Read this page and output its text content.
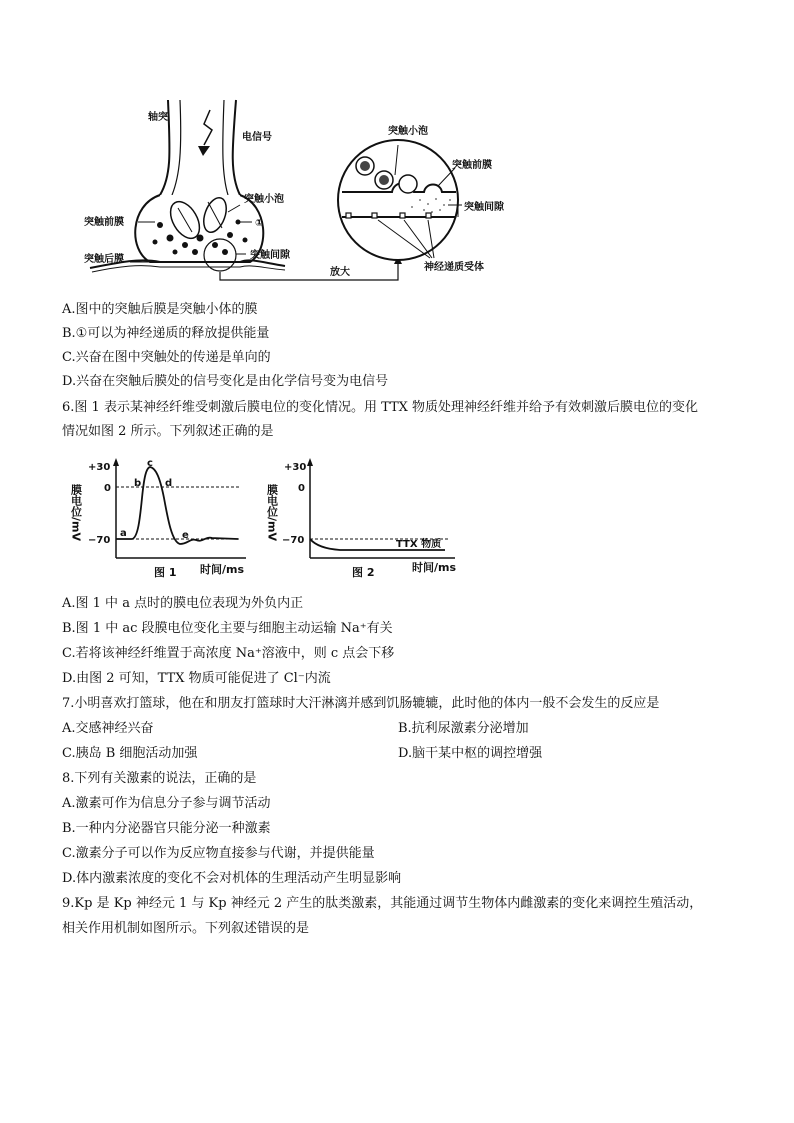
轴突
电信号
突触小泡
①
突触前膜
突触后膜	突触间隙
放大
突触小泡
突触前膜
突触间隙
神经递质受体
A.图中的突触后膜是突触小体的膜
B.①可以为神经递质的释放提供能量
C.兴奋在图中突触处的传递是单向的
D.兴奋在突触后膜处的信号变化是由化学信号变为电信号
6.图 1 表示某神经纤维受刺激后膜电位的变化情况。用 TTX 物质处理神经纤维并给予有效刺激后膜电位的变化
情况如图 2 所示。下列叙述正确的是
+30
0
−70
a
b
c
d
e
膜电位/mV
时间/ms
图 1
+30
0
−70	TTX 物质
膜电位/mV
时间/ms
图 2
A.图 1 中 a 点时的膜电位表现为外负内正
B.图 1 中 ac 段膜电位变化主要与细胞主动运输 Na⁺有关
C.若将该神经纤维置于高浓度 Na⁺溶液中，则 c 点会下移
D.由图 2 可知，TTX 物质可能促进了 Cl⁻内流
7.小明喜欢打篮球，他在和朋友打篮球时大汗淋漓并感到饥肠辘辘，此时他的体内一般不会发生的反应是
A.交感神经兴奋	B.抗利尿激素分泌增加
C.胰岛 B 细胞活动加强	D.脑干某中枢的调控增强
8.下列有关激素的说法，正确的是
A.激素可作为信息分子参与调节活动
B.一种内分泌器官只能分泌一种激素
C.激素分子可以作为反应物直接参与代谢，并提供能量
D.体内激素浓度的变化不会对机体的生理活动产生明显影响
9.Kp 是 Kp 神经元 1 与 Kp 神经元 2 产生的肽类激素，其能通过调节生物体内雌激素的变化来调控生殖活动，
相关作用机制如图所示。下列叙述错误的是
